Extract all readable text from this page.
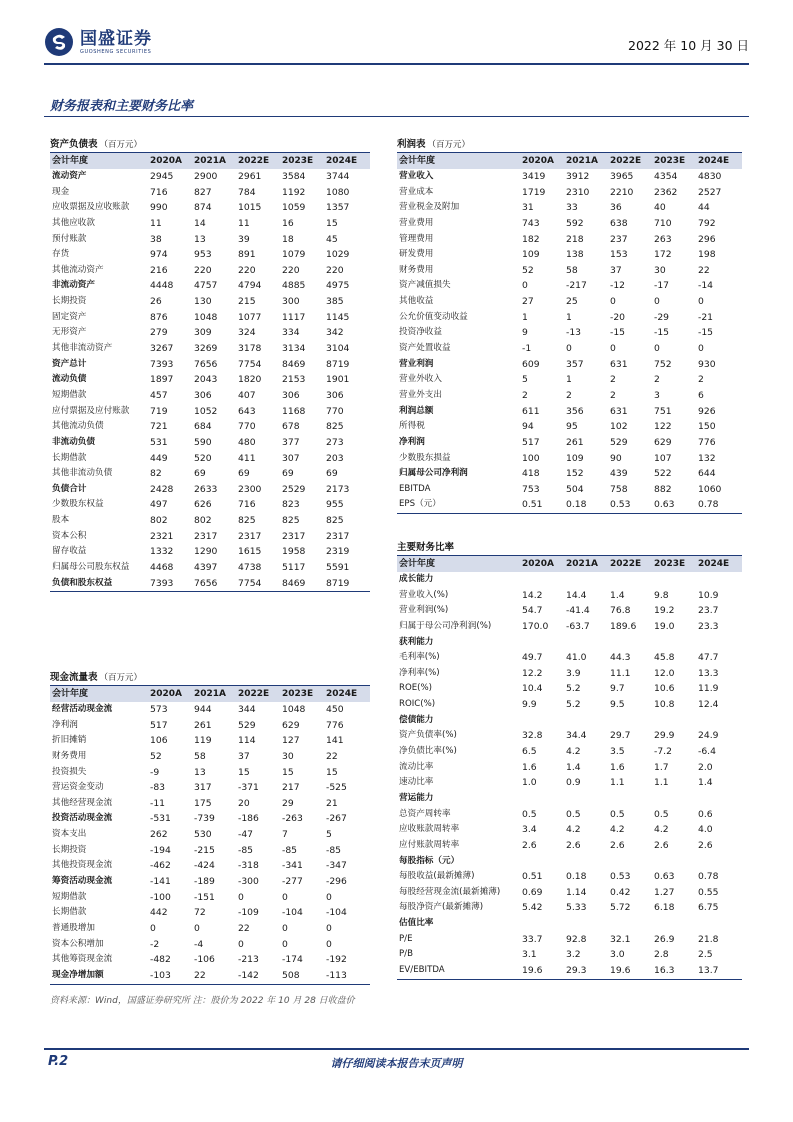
国盛证券
GUOSHENG SECURITIES	2022 年 10 月 30 日
财务报表和主要财务比率
资产负债表 （百万元）
会计年度	2020A	2021A	2022E	2023E	2024E
流动资产	2945	2900	2961	3584	3744
现金	716	827	784	1192	1080
应收票据及应收账款	990	874	1015	1059	1357
其他应收款	11	14	11	16	15
预付账款	38	13	39	18	45
存货	974	953	891	1079	1029
其他流动资产	216	220	220	220	220
非流动资产	4448	4757	4794	4885	4975
长期投资	26	130	215	300	385
固定资产	876	1048	1077	1117	1145
无形资产	279	309	324	334	342
其他非流动资产	3267	3269	3178	3134	3104
资产总计	7393	7656	7754	8469	8719
流动负债	1897	2043	1820	2153	1901
短期借款	457	306	407	306	306
应付票据及应付账款	719	1052	643	1168	770
其他流动负债	721	684	770	678	825
非流动负债	531	590	480	377	273
长期借款	449	520	411	307	203
其他非流动负债	82	69	69	69	69
负债合计	2428	2633	2300	2529	2173
少数股东权益	497	626	716	823	955
股本	802	802	825	825	825
资本公积	2321	2317	2317	2317	2317
留存收益	1332	1290	1615	1958	2319
归属母公司股东权益	4468	4397	4738	5117	5591
负债和股东权益	7393	7656	7754	8469	8719
利润表 （百万元）
会计年度	2020A	2021A	2022E	2023E	2024E
营业收入	3419	3912	3965	4354	4830
营业成本	1719	2310	2210	2362	2527
营业税金及附加	31	33	36	40	44
营业费用	743	592	638	710	792
管理费用	182	218	237	263	296
研发费用	109	138	153	172	198
财务费用	52	58	37	30	22
资产减值损失	0	-217	-12	-17	-14
其他收益	27	25	0	0	0
公允价值变动收益	1	1	-20	-29	-21
投资净收益	9	-13	-15	-15	-15
资产处置收益	-1	0	0	0	0
营业利润	609	357	631	752	930
营业外收入	5	1	2	2	2
营业外支出	2	2	2	3	6
利润总额	611	356	631	751	926
所得税	94	95	102	122	150
净利润	517	261	529	629	776
少数股东损益	100	109	90	107	132
归属母公司净利润	418	152	439	522	644
EBITDA	753	504	758	882	1060
EPS（元）	0.51	0.18	0.53	0.63	0.78
主要财务比率
会计年度	2020A	2021A	2022E	2023E	2024E
成长能力
营业收入(%)	14.2	14.4	1.4	9.8	10.9
营业利润(%)	54.7	-41.4	76.8	19.2	23.7
归属于母公司净利润(%)	170.0	-63.7	189.6	19.0	23.3
获利能力
毛利率(%)	49.7	41.0	44.3	45.8	47.7
净利率(%)	12.2	3.9	11.1	12.0	13.3
ROE(%)	10.4	5.2	9.7	10.6	11.9
ROIC(%)	9.9	5.2	9.5	10.8	12.4
偿债能力
资产负债率(%)	32.8	34.4	29.7	29.9	24.9
净负债比率(%)	6.5	4.2	3.5	-7.2	-6.4
流动比率	1.6	1.4	1.6	1.7	2.0
速动比率	1.0	0.9	1.1	1.1	1.4
营运能力
总资产周转率	0.5	0.5	0.5	0.5	0.6
应收账款周转率	3.4	4.2	4.2	4.2	4.0
应付账款周转率	2.6	2.6	2.6	2.6	2.6
每股指标（元）
每股收益(最新摊薄)	0.51	0.18	0.53	0.63	0.78
每股经营现金流(最新摊薄)	0.69	1.14	0.42	1.27	0.55
每股净资产(最新摊薄)	5.42	5.33	5.72	6.18	6.75
估值比率
P/E	33.7	92.8	32.1	26.9	21.8
P/B	3.1	3.2	3.0	2.8	2.5
EV/EBITDA	19.6	29.3	19.6	16.3	13.7
现金流量表 （百万元）
会计年度	2020A	2021A	2022E	2023E	2024E
经营活动现金流	573	944	344	1048	450
净利润	517	261	529	629	776
折旧摊销	106	119	114	127	141
财务费用	52	58	37	30	22
投资损失	-9	13	15	15	15
营运资金变动	-83	317	-371	217	-525
其他经营现金流	-11	175	20	29	21
投资活动现金流	-531	-739	-186	-263	-267
资本支出	262	530	-47	7	5
长期投资	-194	-215	-85	-85	-85
其他投资现金流	-462	-424	-318	-341	-347
筹资活动现金流	-141	-189	-300	-277	-296
短期借款	-100	-151	0	0	0
长期借款	442	72	-109	-104	-104
普通股增加	0	0	22	0	0
资本公积增加	-2	-4	0	0	0
其他筹资现金流	-482	-106	-213	-174	-192
现金净增加额	-103	22	-142	508	-113
资料来源：Wind，国盛证券研究所 注：股价为 2022 年 10 月 28 日收盘价
P.2	请仔细阅读本报告末页声明
